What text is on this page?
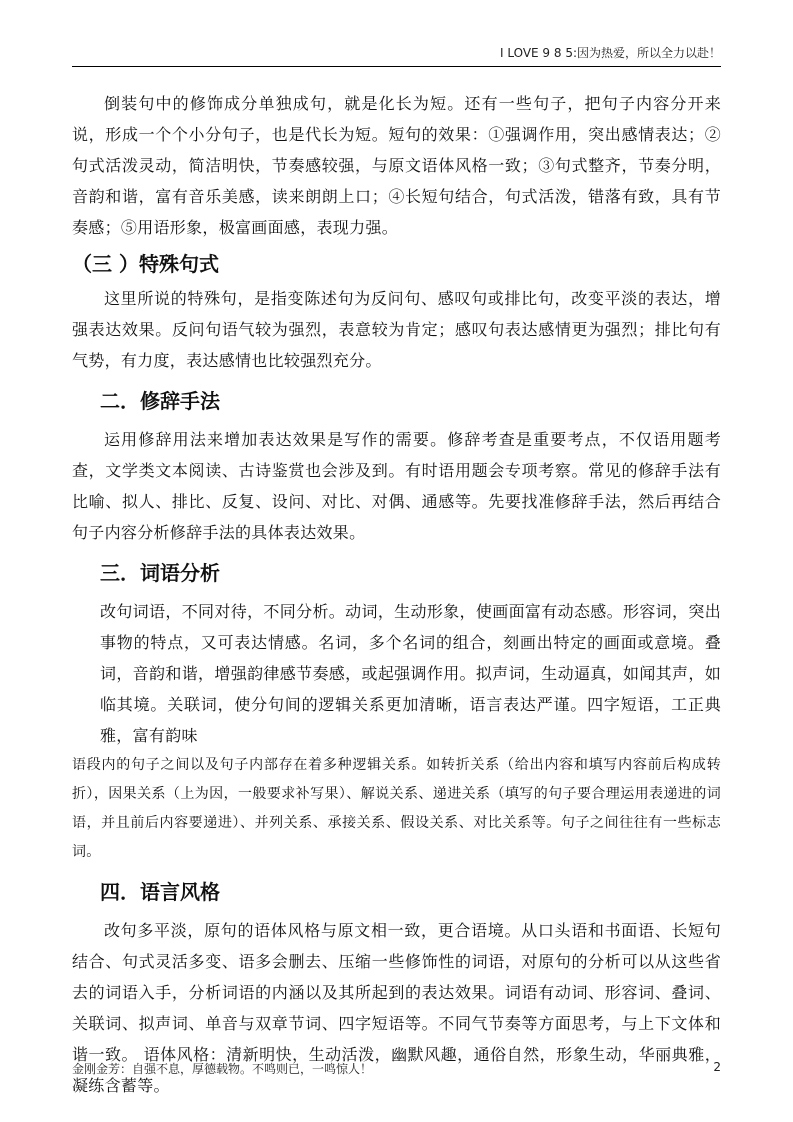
I LOVE 9 8 5:因为热爱，所以全力以赴！

倒装句中的修饰成分单独成句，就是化长为短。还有一些句子，把句子内容分开来说，形成一个个小分句子，也是代长为短。短句的效果：①强调作用，突出感情表达；②句式活泼灵动，简洁明快，节奏感较强，与原文语体风格一致；③句式整齐，节奏分明，音韵和谐，富有音乐美感，读来朗朗上口；④长短句结合，句式活泼，错落有致，具有节奏感；⑤用语形象，极富画面感，表现力强。

（三 ）特殊句式

这里所说的特殊句，是指变陈述句为反问句、感叹句或排比句，改变平淡的表达，增强表达效果。反问句语气较为强烈，表意较为肯定；感叹句表达感情更为强烈；排比句有气势，有力度，表达感情也比较强烈充分。

二．修辞手法

运用修辞用法来增加表达效果是写作的需要。修辞考查是重要考点，不仅语用题考查，文学类文本阅读、古诗鉴赏也会涉及到。有时语用题会专项考察。常见的修辞手法有比喻、拟人、排比、反复、设问、对比、对偶、通感等。先要找准修辞手法，然后再结合句子内容分析修辞手法的具体表达效果。

三．词语分析

改句词语，不同对待，不同分析。动词，生动形象，使画面富有动态感。形容词，突出事物的特点，又可表达情感。名词，多个名词的组合，刻画出特定的画面或意境。叠词，音韵和谐，增强韵律感节奏感，或起强调作用。拟声词，生动逼真，如闻其声，如临其境。关联词，使分句间的逻辑关系更加清晰，语言表达严谨。四字短语，工正典雅，富有韵味

语段内的句子之间以及句子内部存在着多种逻辑关系。如转折关系（给出内容和填写内容前后构成转折），因果关系（上为因，一般要求补写果）、解说关系、递进关系（填写的句子要合理运用表递进的词语，并且前后内容要递进）、并列关系、承接关系、假设关系、对比关系等。句子之间往往有一些标志词。

四．语言风格

改句多平淡，原句的语体风格与原文相一致，更合语境。从口头语和书面语、长短句结合、句式灵活多变、语多会删去、压缩一些修饰性的词语，对原句的分析可以从这些省去的词语入手，分析词语的内涵以及其所起到的表达效果。词语有动词、形容词、叠词、关联词、拟声词、单音与双章节词、四字短语等。不同气节奏等方面思考，与上下文体和谐一致。 语体风格：清新明快，生动活泼，幽默风趣，通俗自然，形象生动，华丽典雅，凝练含蓄等。

金刚金芳：自强不息，厚德载物。不鸣则已，一鸣惊人！	2
